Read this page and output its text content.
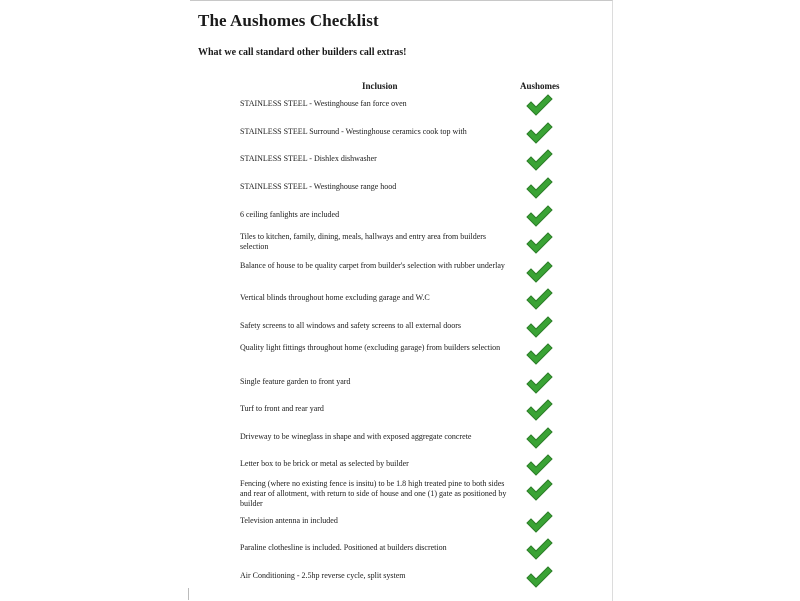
The Aushomes Checklist
What we call standard other builders call extras!
Inclusion	Aushomes
STAINLESS STEEL - Westinghouse fan force oven
STAINLESS STEEL Surround - Westinghouse ceramics cook top with
STAINLESS STEEL - Dishlex dishwasher
STAINLESS STEEL - Westinghouse range hood
6 ceiling fanlights are included
Tiles to kitchen, family, dining, meals, hallways and entry area from builders selection
Balance of house to be quality carpet from builder's selection with rubber underlay
Vertical blinds throughout home excluding garage and W.C
Safety screens to all windows and safety screens to all external doors
Quality light fittings throughout home (excluding garage) from builders selection
Single feature garden to front yard
Turf to front and rear yard
Driveway to be wineglass in shape and with exposed aggregate concrete
Letter box to be brick or metal as selected by builder
Fencing (where no existing fence is insitu) to be 1.8 high treated pine to both sides and rear of allotment, with return to side of house and one (1) gate as positioned by builder
Television antenna in included
Paraline clothesline is included. Positioned at builders discretion
Air Conditioning - 2.5hp reverse cycle, split system
